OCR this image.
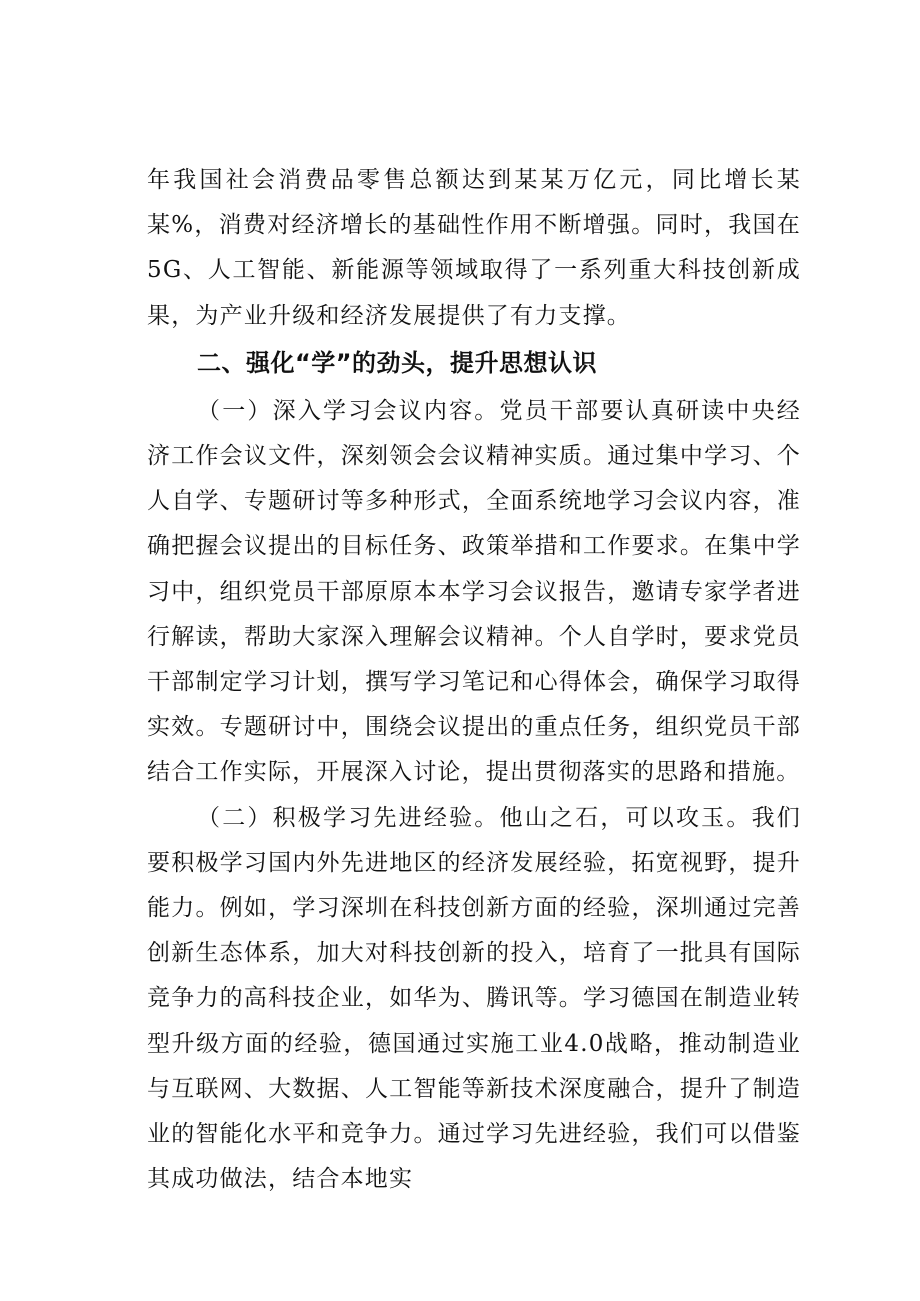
年我国社会消费品零售总额达到某某万亿元，同比增长某某%，消费对经济增长的基础性作用不断增强。同时，我国在5G、人工智能、新能源等领域取得了一系列重大科技创新成果，为产业升级和经济发展提供了有力支撑。

二、强化“学”的劲头，提升思想认识

（一）深入学习会议内容。党员干部要认真研读中央经济工作会议文件，深刻领会会议精神实质。通过集中学习、个人自学、专题研讨等多种形式，全面系统地学习会议内容，准确把握会议提出的目标任务、政策举措和工作要求。在集中学习中，组织党员干部原原本本学习会议报告，邀请专家学者进行解读，帮助大家深入理解会议精神。个人自学时，要求党员干部制定学习计划，撰写学习笔记和心得体会，确保学习取得实效。专题研讨中，围绕会议提出的重点任务，组织党员干部结合工作实际，开展深入讨论，提出贯彻落实的思路和措施。

（二）积极学习先进经验。他山之石，可以攻玉。我们要积极学习国内外先进地区的经济发展经验，拓宽视野，提升能力。例如，学习深圳在科技创新方面的经验，深圳通过完善创新生态体系，加大对科技创新的投入，培育了一批具有国际竞争力的高科技企业，如华为、腾讯等。学习德国在制造业转型升级方面的经验，德国通过实施工业4.0战略，推动制造业与互联网、大数据、人工智能等新技术深度融合，提升了制造业的智能化水平和竞争力。通过学习先进经验，我们可以借鉴其成功做法，结合本地实
